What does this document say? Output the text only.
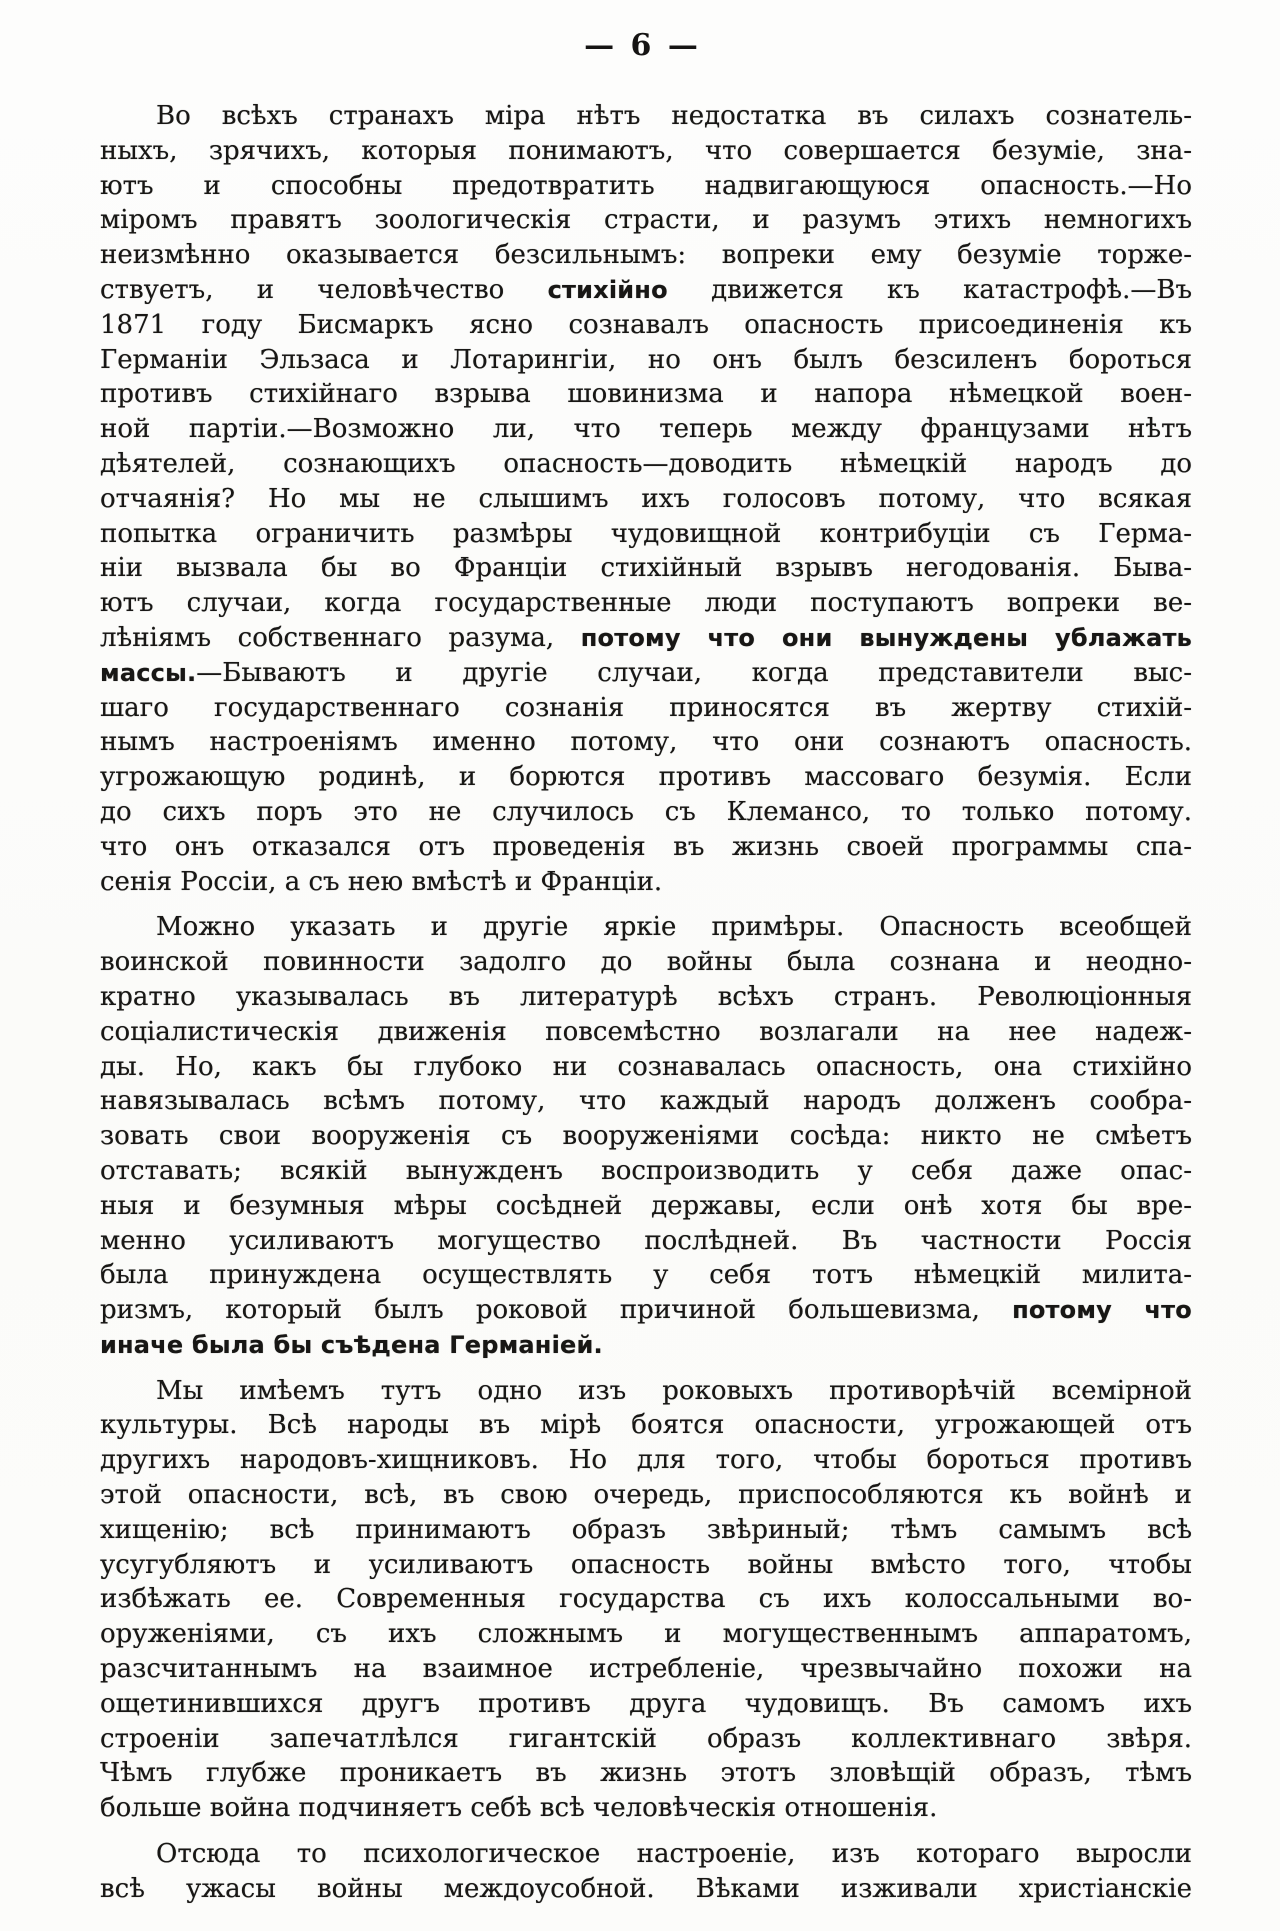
— 6 —
Во всѣхъ странахъ міра нѣтъ недостатка въ силахъ сознатель-
ныхъ, зрячихъ, которыя понимаютъ, что совершается безуміе, зна-
ютъ и способны предотвратить надвигающуюся опасность.—Но
міромъ правятъ зоологическія страсти, и разумъ этихъ немногихъ
неизмѣнно оказывается безсильнымъ: вопреки ему безуміе торже-
ствуетъ, и человѣчество стихійно движется къ катастрофѣ.—Въ
1871 году Бисмаркъ ясно сознавалъ опасность присоединенія къ
Германіи Эльзаса и Лотарингіи, но онъ былъ безсиленъ бороться
противъ стихійнаго взрыва шовинизма и напора нѣмецкой воен-
ной партіи.—Возможно ли, что теперь между французами нѣтъ
дѣятелей, сознающихъ опасность—доводить нѣмецкій народъ до
отчаянія? Но мы не слышимъ ихъ голосовъ потому, что всякая
попытка ограничить размѣры чудовищной контрибуціи съ Герма-
ніи вызвала бы во Франціи стихійный взрывъ негодованія. Быва-
ютъ случаи, когда государственные люди поступаютъ вопреки ве-
лѣніямъ собственнаго разума, потому что они вынуждены ублажать
массы.—Бываютъ и другіе случаи, когда представители выс-
шаго государственнаго сознанія приносятся въ жертву стихій-
нымъ настроеніямъ именно потому, что они сознаютъ опасность.
угрожающую родинѣ, и борются противъ массоваго безумія. Если
до сихъ поръ это не случилось съ Клемансо, то только потому.
что онъ отказался отъ проведенія въ жизнь своей программы спа-
сенія Россіи, а съ нею вмѣстѣ и Франціи.
Можно указать и другіе яркіе примѣры. Опасность всеобщей
воинской повинности задолго до войны была сознана и неодно-
кратно указывалась въ литературѣ всѣхъ странъ. Революціонныя
соціалистическія движенія повсемѣстно возлагали на нее надеж-
ды. Но, какъ бы глубоко ни сознавалась опасность, она стихійно
навязывалась всѣмъ потому, что каждый народъ долженъ сообра-
зовать свои вооруженія съ вооруженіями сосѣда: никто не смѣетъ
отставать; всякій вынужденъ воспроизводить у себя даже опас-
ныя и безумныя мѣры сосѣдней державы, если онѣ хотя бы вре-
менно усиливаютъ могущество послѣдней. Въ частности Россія
была принуждена осуществлять у себя тотъ нѣмецкій милита-
ризмъ, который былъ роковой причиной большевизма, потому что
иначе была бы съѣдена Германіей.
Мы имѣемъ тутъ одно изъ роковыхъ противорѣчій всемірной
культуры. Всѣ народы въ мірѣ боятся опасности, угрожающей отъ
другихъ народовъ-хищниковъ. Но для того, чтобы бороться противъ
этой опасности, всѣ, въ свою очередь, приспособляются къ войнѣ и
хищенію; всѣ принимаютъ образъ звѣриный; тѣмъ самымъ всѣ
усугубляютъ и усиливаютъ опасность войны вмѣсто того, чтобы
избѣжать ее. Современныя государства съ ихъ колоссальными во-
оруженіями, съ ихъ сложнымъ и могущественнымъ аппаратомъ,
разсчитаннымъ на взаимное истребленіе, чрезвычайно похожи на
ощетинившихся другъ противъ друга чудовищъ. Въ самомъ ихъ
строеніи запечатлѣлся гигантскій образъ коллективнаго звѣря.
Чѣмъ глубже проникаетъ въ жизнь этотъ зловѣщій образъ, тѣмъ
больше война подчиняетъ себѣ всѣ человѣческія отношенія.
Отсюда то психологическое настроеніе, изъ котораго выросли
всѣ ужасы войны междоусобной. Вѣками изживали христіанскіе
